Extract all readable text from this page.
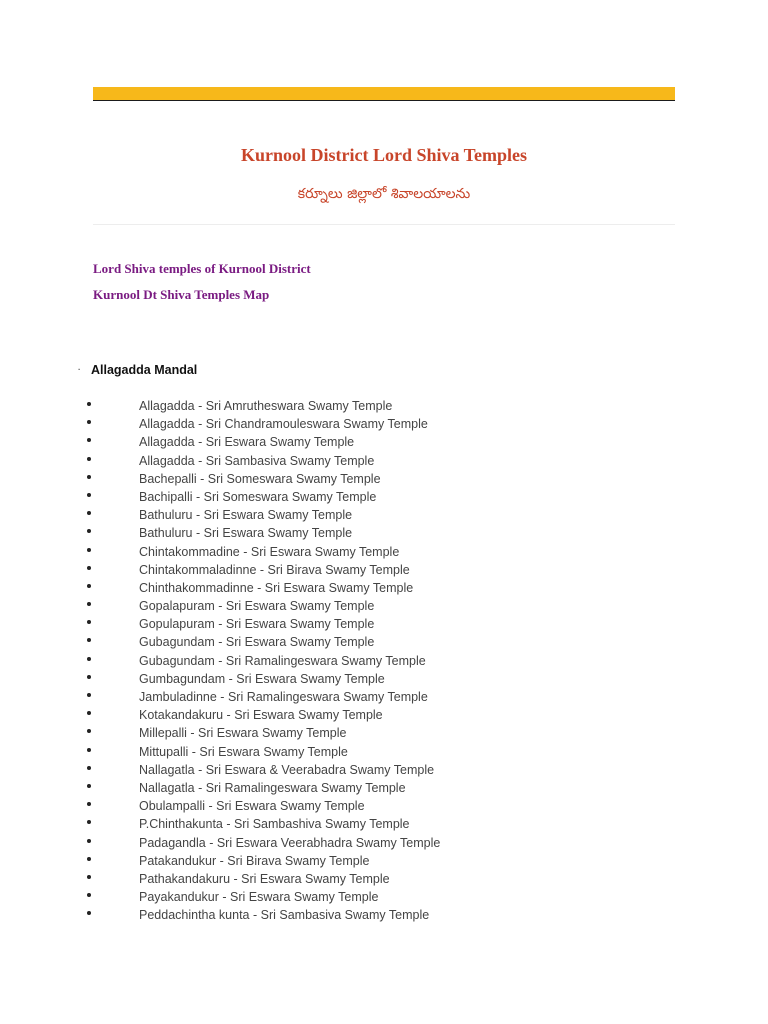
Kurnool District Lord Shiva Temples
కర్నూలు జిల్లాలో శివాలయాలను
Lord Shiva temples of Kurnool District
Kurnool Dt Shiva Temples Map
· Allagadda Mandal
Allagadda - Sri Amrutheswara Swamy Temple
Allagadda - Sri Chandramouleswara Swamy Temple
Allagadda - Sri Eswara Swamy Temple
Allagadda - Sri Sambasiva Swamy Temple
Bachepalli - Sri Someswara Swamy Temple
Bachipalli - Sri Someswara Swamy Temple
Bathuluru - Sri Eswara Swamy Temple
Bathuluru - Sri Eswara Swamy Temple
Chintakommadine - Sri Eswara Swamy Temple
Chintakommaladinne - Sri Birava Swamy Temple
Chinthakommadinne - Sri Eswara Swamy Temple
Gopalapuram - Sri Eswara Swamy Temple
Gopulapuram - Sri Eswara Swamy Temple
Gubagundam - Sri Eswara Swamy Temple
Gubagundam - Sri Ramalingeswara Swamy Temple
Gumbagundam - Sri Eswara Swamy Temple
Jambuladinne - Sri Ramalingeswara Swamy Temple
Kotakandakuru - Sri Eswara Swamy Temple
Millepalli - Sri Eswara Swamy Temple
Mittupalli - Sri Eswara Swamy Temple
Nallagatla - Sri Eswara & Veerabadra Swamy Temple
Nallagatla - Sri Ramalingeswara Swamy Temple
Obulampalli - Sri Eswara Swamy Temple
P.Chinthakunta - Sri Sambashiva Swamy Temple
Padagandla - Sri Eswara Veerabhadra Swamy Temple
Patakandukur - Sri Birava Swamy Temple
Pathakandakuru - Sri Eswara Swamy Temple
Payakandukur - Sri Eswara Swamy Temple
Peddachintha kunta - Sri Sambasiva Swamy Temple
